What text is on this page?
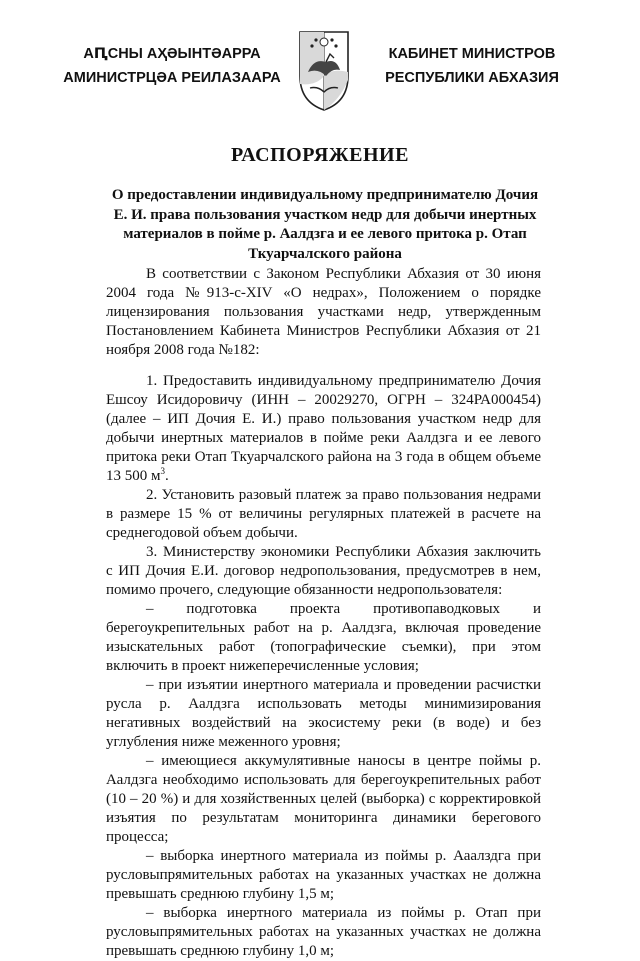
АԤСНЫ АҲӘЫНТӘАРРА
АМИНИСТРЦӘА РЕИЛАЗААРА
КАБИНЕТ МИНИСТРОВ
РЕСПУБЛИКИ АБХАЗИЯ
РАСПОРЯЖЕНИЕ
О предоставлении индивидуальному предпринимателю Дочия Е. И. права пользования участком недр для добычи инертных материалов в пойме р. Аалдзга и ее левого притока р. Отап Ткуарчалского района

В соответствии с Законом Республики Абхазия от 30 июня 2004 года №913-с-XIV «О недрах», Положением о порядке лицензирования пользования участками недр, утвержденным Постановлением Кабинета Министров Республики Абхазия от 21 ноября 2008 года №182:

1. Предоставить индивидуальному предпринимателю Дочия Ешсоу Исидоровичу (ИНН – 20029270, ОГРН – 324РА000454) (далее – ИП Дочия Е. И.) право пользования участком недр для добычи инертных материалов в пойме реки Аалдзга и ее левого притока реки Отап Ткуарчалского района на 3 года в общем объеме 13 500 $м^3$.

2. Установить разовый платеж за право пользования недрами в размере 15 % от величины регулярных платежей в расчете на среднегодовой объем добычи.

3. Министерству экономики Республики Абхазия заключить с ИП Дочия Е.И. договор недропользования, предусмотрев в нем, помимо прочего, следующие обязанности недропользователя:

– подготовка проекта противопаводковых и берегоукрепительных работ на р. Аалдзга, включая проведение изыскательных работ (топографические съемки), при этом включить в проект нижеперечисленные условия;

– при изъятии инертного материала и проведении расчистки русла р. Аалдзга использовать методы минимизирования негативных воздействий на экосистему реки (в воде) и без углубления ниже меженного уровня;

– имеющиеся аккумулятивные наносы в центре поймы р. Аалдзга необходимо использовать для берегоукрепительных работ (10 – 20 %) и для хозяйственных целей (выборка) с корректировкой изъятия по результатам мониторинга динамики берегового процесса;

– выборка инертного материала из поймы р. Ааалздга при русловыпрямительных работах на указанных участках не должна превышать среднюю глубину 1,5 м;

– выборка инертного материала из поймы р. Отап при русловыпрямительных работах на указанных участках не должна превышать среднюю глубину 1,0 м;
